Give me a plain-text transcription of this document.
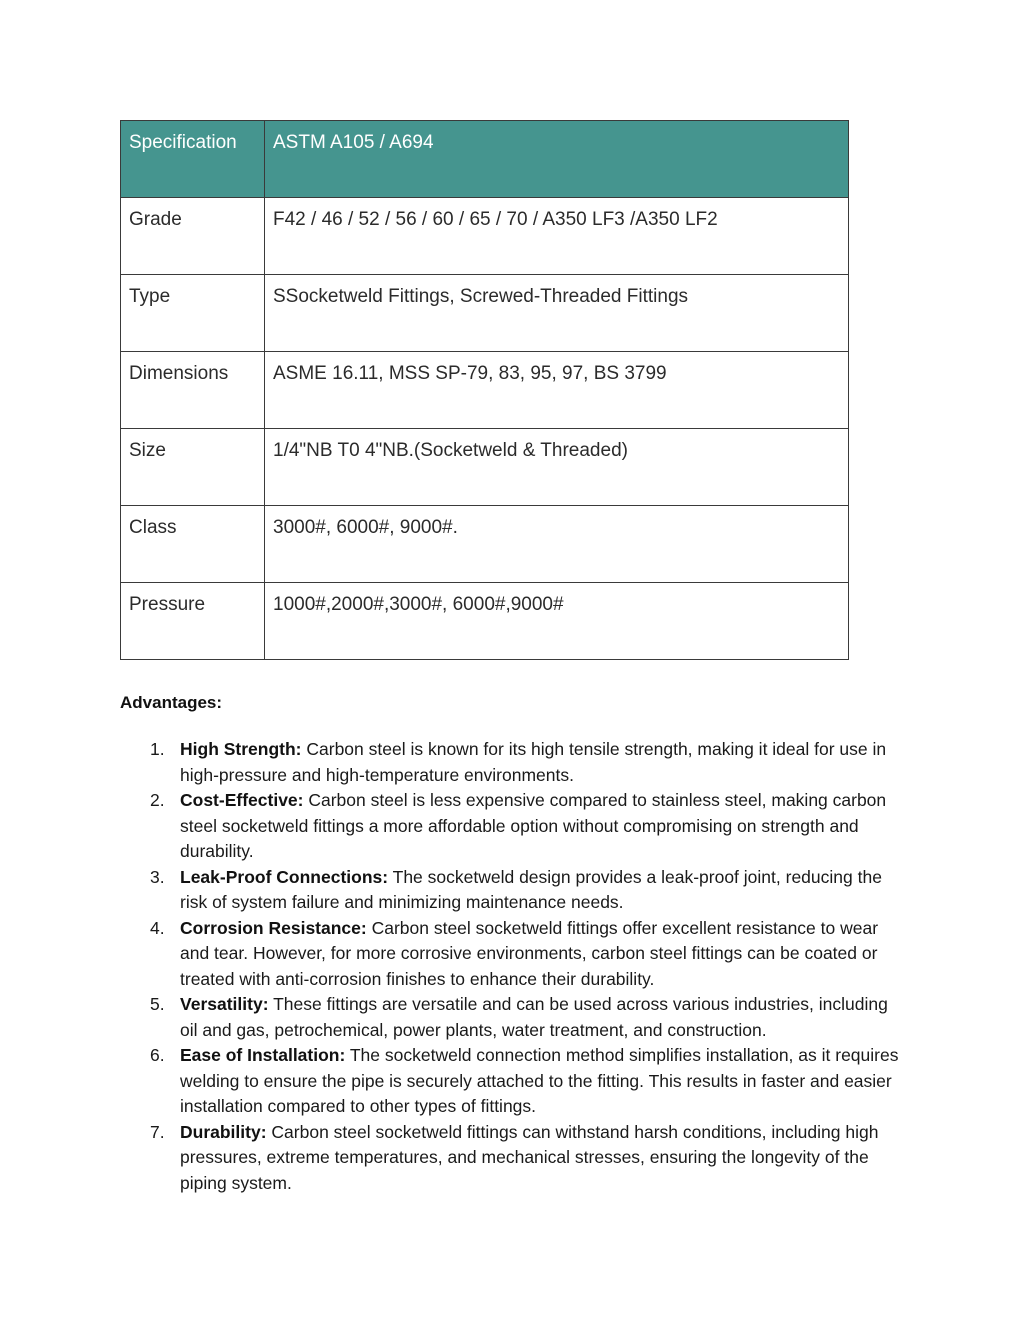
Specification	ASTM A105 / A694
Grade	F42 / 46 / 52 / 56 / 60 / 65 / 70 / A350 LF3 /A350 LF2
Type	SSocketweld Fittings, Screwed-Threaded Fittings
Dimensions	ASME 16.11, MSS SP-79, 83, 95, 97, BS 3799
Size	1/4"NB T0 4"NB.(Socketweld & Threaded)
Class	3000#, 6000#, 9000#.
Pressure	1000#,2000#,3000#, 6000#,9000#

Advantages:

1. High Strength: Carbon steel is known for its high tensile strength, making it ideal for use in high-pressure and high-temperature environments.
2. Cost-Effective: Carbon steel is less expensive compared to stainless steel, making carbon steel socketweld fittings a more affordable option without compromising on strength and durability.
3. Leak-Proof Connections: The socketweld design provides a leak-proof joint, reducing the risk of system failure and minimizing maintenance needs.
4. Corrosion Resistance: Carbon steel socketweld fittings offer excellent resistance to wear and tear. However, for more corrosive environments, carbon steel fittings can be coated or treated with anti-corrosion finishes to enhance their durability.
5. Versatility: These fittings are versatile and can be used across various industries, including oil and gas, petrochemical, power plants, water treatment, and construction.
6. Ease of Installation: The socketweld connection method simplifies installation, as it requires welding to ensure the pipe is securely attached to the fitting. This results in faster and easier installation compared to other types of fittings.
7. Durability: Carbon steel socketweld fittings can withstand harsh conditions, including high pressures, extreme temperatures, and mechanical stresses, ensuring the longevity of the piping system.
